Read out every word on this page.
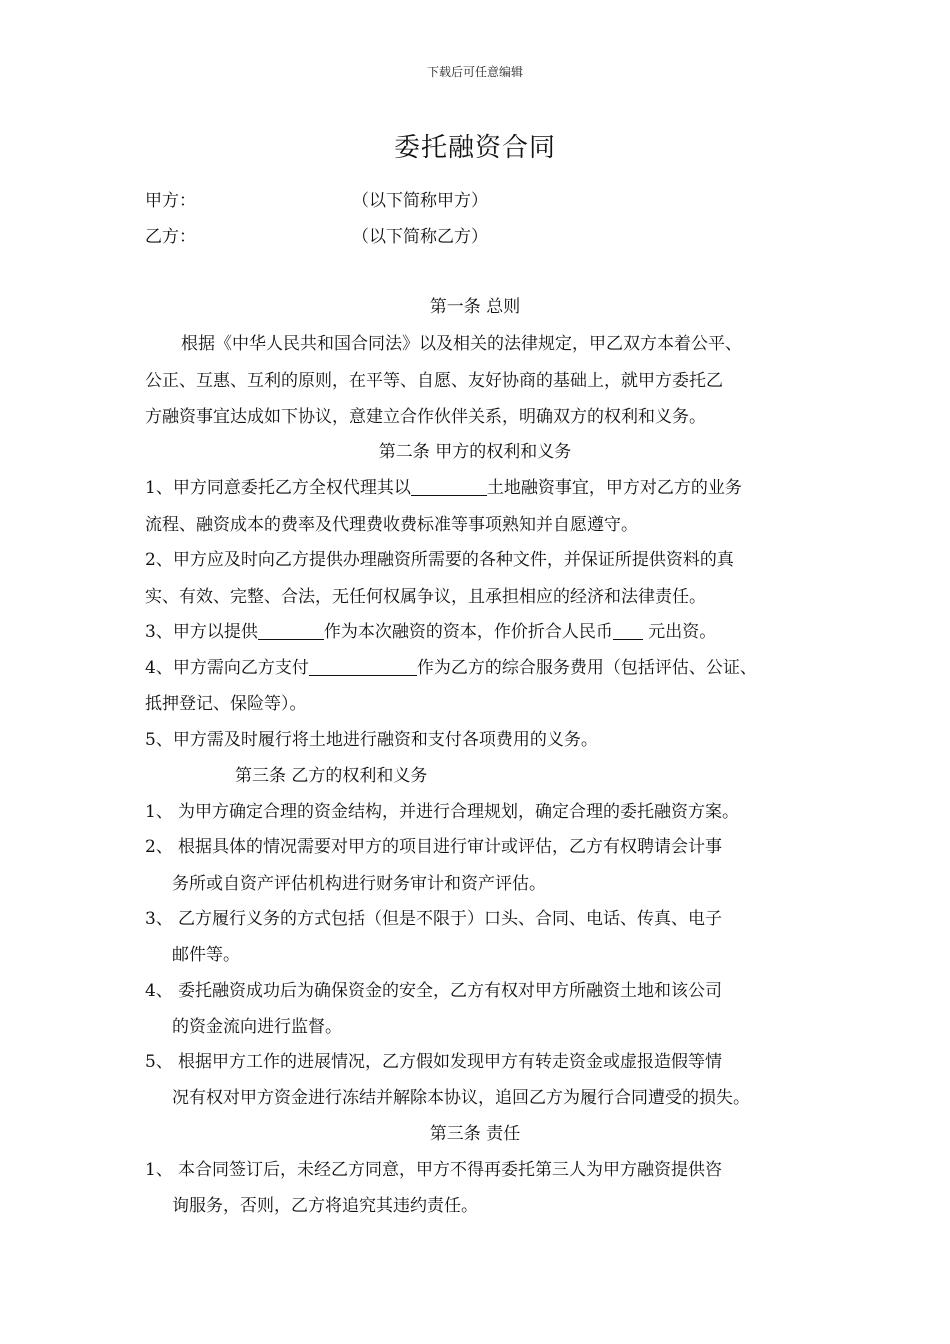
下载后可任意编辑
委托融资合同
甲方：	（以下简称甲方）
乙方：	（以下简称乙方）
第一条 总则
根据《中华人民共和国合同法》以及相关的法律规定，甲乙双方本着公平、
公正、互惠、互利的原则，在平等、自愿、友好协商的基础上，就甲方委托乙
方融资事宜达成如下协议，意建立合作伙伴关系，明确双方的权利和义务。
第二条 甲方的权利和义务
1、甲方同意委托乙方全权代理其以	土地融资事宜，甲方对乙方的业务
流程、融资成本的费率及代理费收费标准等事项熟知并自愿遵守。
2、甲方应及时向乙方提供办理融资所需要的各种文件，并保证所提供资料的真
实、有效、完整、合法，无任何权属争议，且承担相应的经济和法律责任。
3、甲方以提供	作为本次融资的资本，作价折合人民币 元出资。
4、甲方需向乙方支付	作为乙方的综合服务费用（包括评估、公证、
抵押登记、保险等）。
5、甲方需及时履行将土地进行融资和支付各项费用的义务。
第三条 乙方的权利和义务
1、 为甲方确定合理的资金结构，并进行合理规划，确定合理的委托融资方案。
2、 根据具体的情况需要对甲方的项目进行审计或评估，乙方有权聘请会计事
务所或自资产评估机构进行财务审计和资产评估。
3、 乙方履行义务的方式包括（但是不限于）口头、合同、电话、传真、电子
邮件等。
4、 委托融资成功后为确保资金的安全，乙方有权对甲方所融资土地和该公司
的资金流向进行监督。
5、 根据甲方工作的进展情况，乙方假如发现甲方有转走资金或虚报造假等情
况有权对甲方资金进行冻结并解除本协议，追回乙方为履行合同遭受的损失。
第三条 责任
1、 本合同签订后，未经乙方同意，甲方不得再委托第三人为甲方融资提供咨
询服务，否则，乙方将追究其违约责任。
